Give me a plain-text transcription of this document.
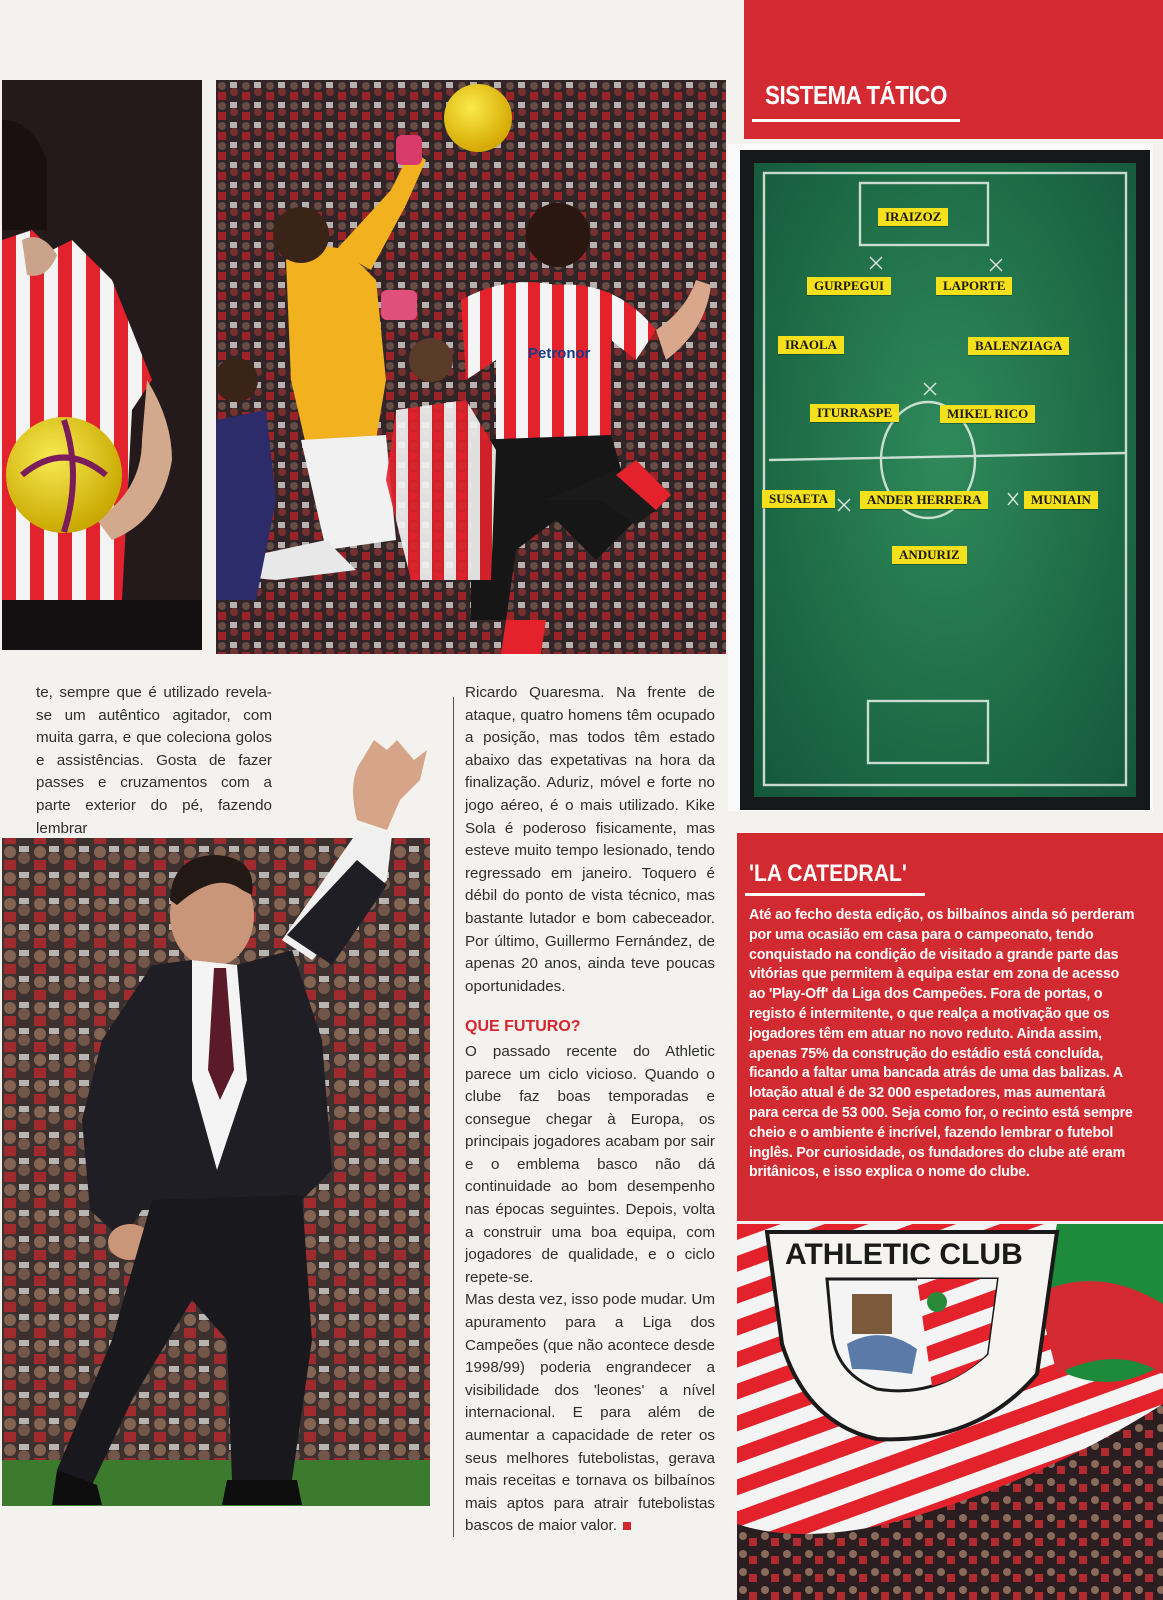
Petronor

te, sempre que é utilizado revela-se um autêntico agitador, com muita garra, e que coleciona golos e assistências. Gosta de fazer passes e cruzamentos com a parte exterior do pé, fazendo lembrar

Ricardo Quaresma. Na frente de ataque, quatro homens têm ocupado a posição, mas todos têm estado abaixo das expetativas na hora da finalização. Aduriz, móvel e forte no jogo aéreo, é o mais utilizado. Kike Sola é poderoso fisicamente, mas esteve muito tempo lesionado, tendo regressado em janeiro. Toquero é débil do ponto de vista técnico, mas bastante lutador e bom cabeceador. Por último, Guillermo Fernández, de apenas 20 anos, ainda teve poucas oportunidades.

QUE FUTURO?

O passado recente do Athletic parece um ciclo vicioso. Quando o clube faz boas temporadas e consegue chegar à Europa, os principais jogadores acabam por sair e o emblema basco não dá continuidade ao bom desempenho nas épocas seguintes. Depois, volta a construir uma boa equipa, com jogadores de qualidade, e o ciclo repete-se.

Mas desta vez, isso pode mudar. Um apuramento para a Liga dos Campeões (que não acontece desde 1998/99) poderia engrandecer a visibilidade dos 'leones' a nível internacional. E para além de aumentar a capacidade de reter os seus melhores futebolistas, gerava mais receitas e tornava os bilbaínos mais aptos para atrair futebolistas bascos de maior valor.

SISTEMA TÁTICO
IRAIZOZ
GURPEGUI	LAPORTE
IRAOLA	BALENZIAGA
ITURRASPE	MIKEL RICO
SUSAETA	ANDER HERRERA	MUNIAIN
ANDURIZ
'LA CATEDRAL'
Até ao fecho desta edição, os bilbaínos ainda só perderam por uma ocasião em casa para o campeonato, tendo conquistado na condição de visitado a grande parte das vitórias que permitem à equipa estar em zona de acesso ao 'Play-Off' da Liga dos Campeões. Fora de portas, o registo é intermitente, o que realça a motivação que os jogadores têm em atuar no novo reduto. Ainda assim, apenas 75% da construção do estádio está concluída, ficando a faltar uma bancada atrás de uma das balizas. A lotação atual é de 32 000 espetadores, mas aumentará para cerca de 53 000. Seja como for, o recinto está sempre cheio e o ambiente é incrível, fazendo lembrar o futebol inglês. Por curiosidade, os fundadores do clube até eram britânicos, e isso explica o nome do clube.
ATHLETIC CLUB
